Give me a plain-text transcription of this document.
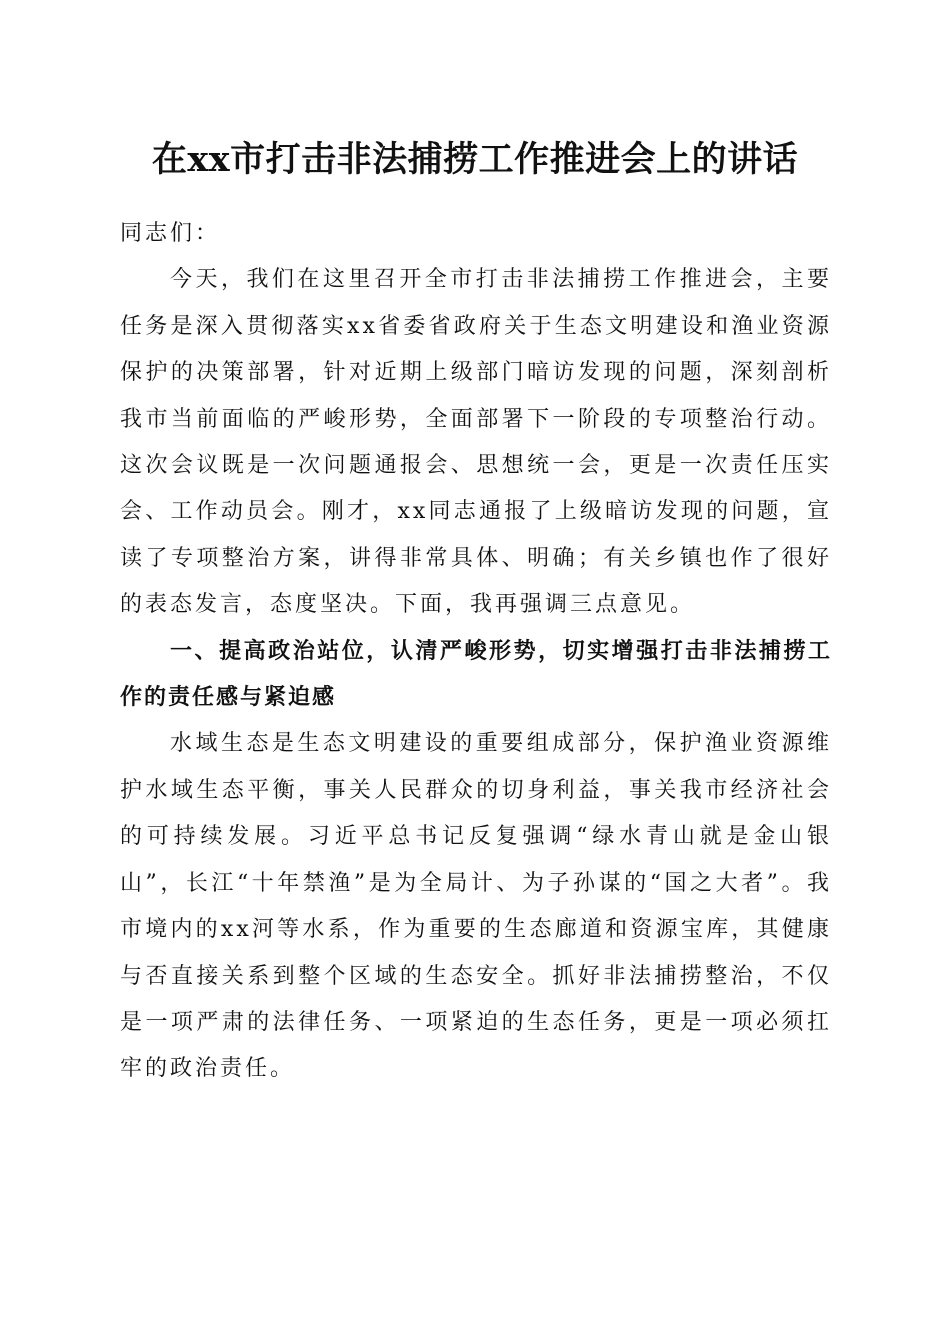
在xx市打击非法捕捞工作推进会上的讲话

同志们：

今天，我们在这里召开全市打击非法捕捞工作推进会，主要任务是深入贯彻落实xx省委省政府关于生态文明建设和渔业资源保护的决策部署，针对近期上级部门暗访发现的问题，深刻剖析我市当前面临的严峻形势，全面部署下一阶段的专项整治行动。这次会议既是一次问题通报会、思想统一会，更是一次责任压实会、工作动员会。刚才，xx同志通报了上级暗访发现的问题，宣读了专项整治方案，讲得非常具体、明确；有关乡镇也作了很好的表态发言，态度坚决。下面，我再强调三点意见。

一、提高政治站位，认清严峻形势，切实增强打击非法捕捞工作的责任感与紧迫感

水域生态是生态文明建设的重要组成部分，保护渔业资源维护水域生态平衡，事关人民群众的切身利益，事关我市经济社会的可持续发展。习近平总书记反复强调“绿水青山就是金山银山”，长江“十年禁渔”是为全局计、为子孙谋的“国之大者”。我市境内的xx河等水系，作为重要的生态廊道和资源宝库，其健康与否直接关系到整个区域的生态安全。抓好非法捕捞整治，不仅是一项严肃的法律任务、一项紧迫的生态任务，更是一项必须扛牢的政治责任。
